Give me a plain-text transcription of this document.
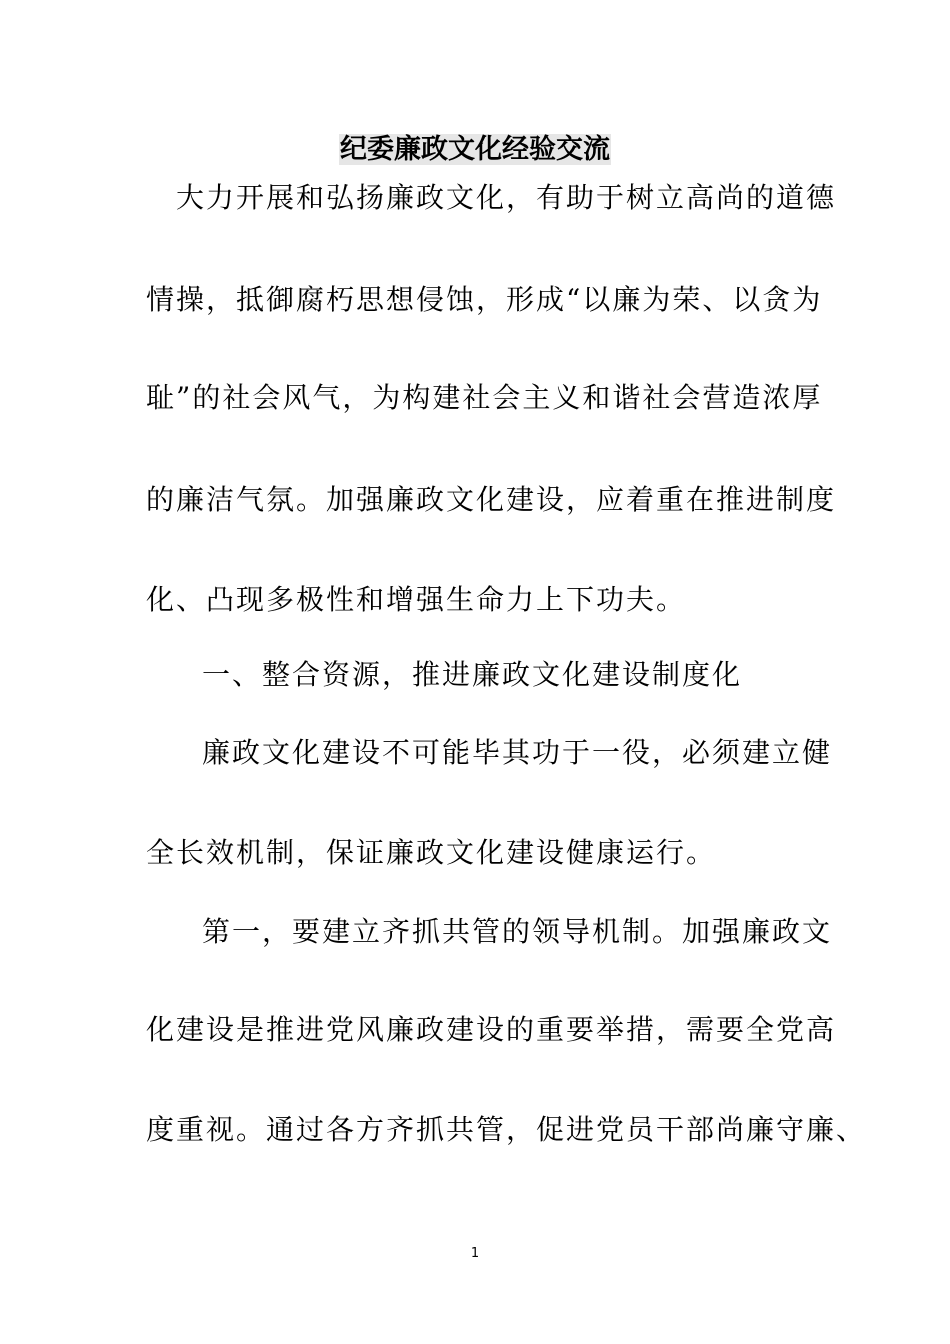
纪委廉政文化经验交流
大力开展和弘扬廉政文化，有助于树立高尚的道德
情操，抵御腐朽思想侵蚀，形成“以廉为荣、以贪为
耻”的社会风气，为构建社会主义和谐社会营造浓厚
的廉洁气氛。加强廉政文化建设，应着重在推进制度
化、凸现多极性和增强生命力上下功夫。
一、整合资源，推进廉政文化建设制度化
廉政文化建设不可能毕其功于一役，必须建立健
全长效机制，保证廉政文化建设健康运行。
第一，要建立齐抓共管的领导机制。加强廉政文
化建设是推进党风廉政建设的重要举措，需要全党高
度重视。通过各方齐抓共管，促进党员干部尚廉守廉、
1
